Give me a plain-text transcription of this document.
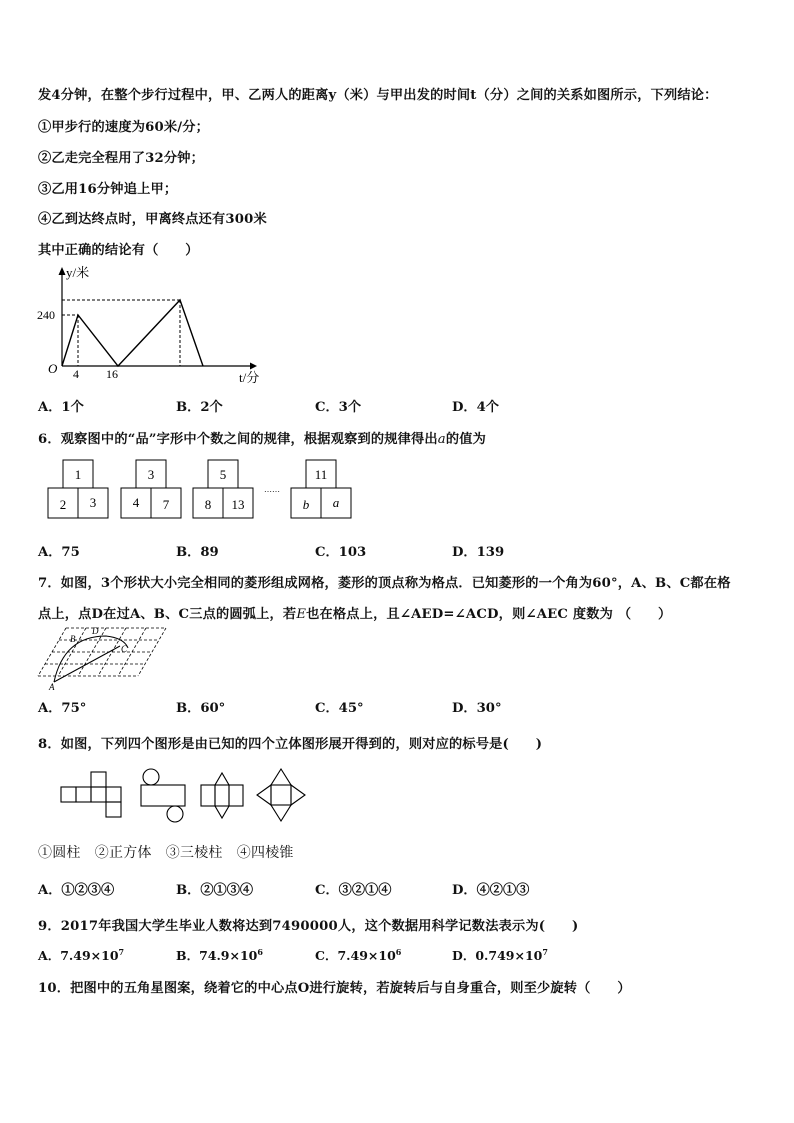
发4分钟，在整个步行过程中，甲、乙两人的距离y（米）与甲出发的时间t（分）之间的关系如图所示，下列结论：
①甲步行的速度为60米/分；
②乙走完全程用了32分钟；
③乙用16分钟追上甲；
④乙到达终点时，甲离终点还有300米
其中正确的结论有（　　）
y/米
240
O 4 16	t/分
A．1个	B．2个	C．3个	D．4个
6．观察图中的“品”字形中个数之间的规律，根据观察到的规律得出a的值为
1
2 3
3
4 7
5
8 13
11
b a
……
A．75	B．89	C．103	D．139
7．如图，3个形状大小完全相同的菱形组成网格，菱形的顶点称为格点．已知菱形的一个角为60°，A、B、C都在格
点上，点D在过A、B、C三点的圆弧上，若E也在格点上，且∠AED=∠ACD，则∠AEC 度数为 （　　）
A
B
C
D
A．75°	B．60°	C．45°	D．30°
8．如图，下列四个图形是由已知的四个立体图形展开得到的，则对应的标号是(　　)
①圆柱　②正方体　③三棱柱　④四棱锥
A．①②③④	B．②①③④	C．③②①④	D．④②①③
9．2017年我国大学生毕业人数将达到7490000人，这个数据用科学记数法表示为(　　)
A．$7.49\times 10^7$	B．$74.9\times 10^6$	C．$7.49\times 10^6$	D．$0.749\times 10^7$
10．把图中的五角星图案，绕着它的中心点O进行旋转，若旋转后与自身重合，则至少旋转（　　）
